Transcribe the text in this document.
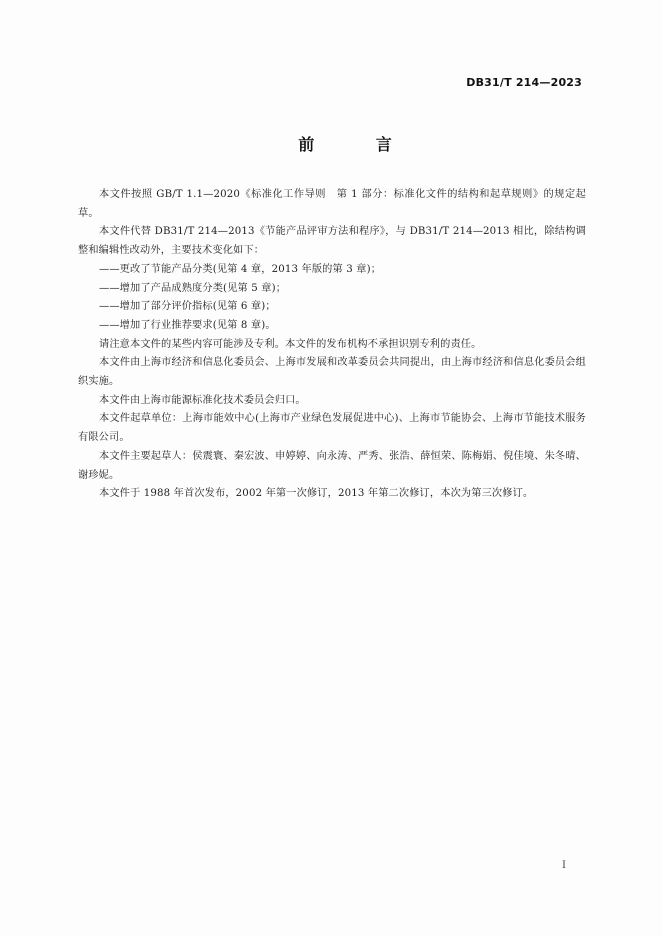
DB31/T 214—2023
前 言

本文件按照 GB/T 1.1—2020《标准化工作导则　第 1 部分：标准化文件的结构和起草规则》的规定起草。

本文件代替 DB31/T 214—2013《节能产品评审方法和程序》，与 DB31/T 214—2013 相比，除结构调整和编辑性改动外，主要技术变化如下：

——更改了节能产品分类(见第 4 章，2013 年版的第 3 章)；

——增加了产品成熟度分类(见第 5 章)；

——增加了部分评价指标(见第 6 章)；

——增加了行业推荐要求(见第 8 章)。

请注意本文件的某些内容可能涉及专利。本文件的发布机构不承担识别专利的责任。

本文件由上海市经济和信息化委员会、上海市发展和改革委员会共同提出，由上海市经济和信息化委员会组织实施。

本文件由上海市能源标准化技术委员会归口。

本文件起草单位：上海市能效中心(上海市产业绿色发展促进中心)、上海市节能协会、上海市节能技术服务有限公司。

本文件主要起草人：侯震寰、秦宏波、申婷婷、向永涛、严秀、张浩、薛恒荣、陈梅娟、倪佳境、朱冬晴、谢珍妮。

本文件于 1988 年首次发布，2002 年第一次修订，2013 年第二次修订，本次为第三次修订。

I
